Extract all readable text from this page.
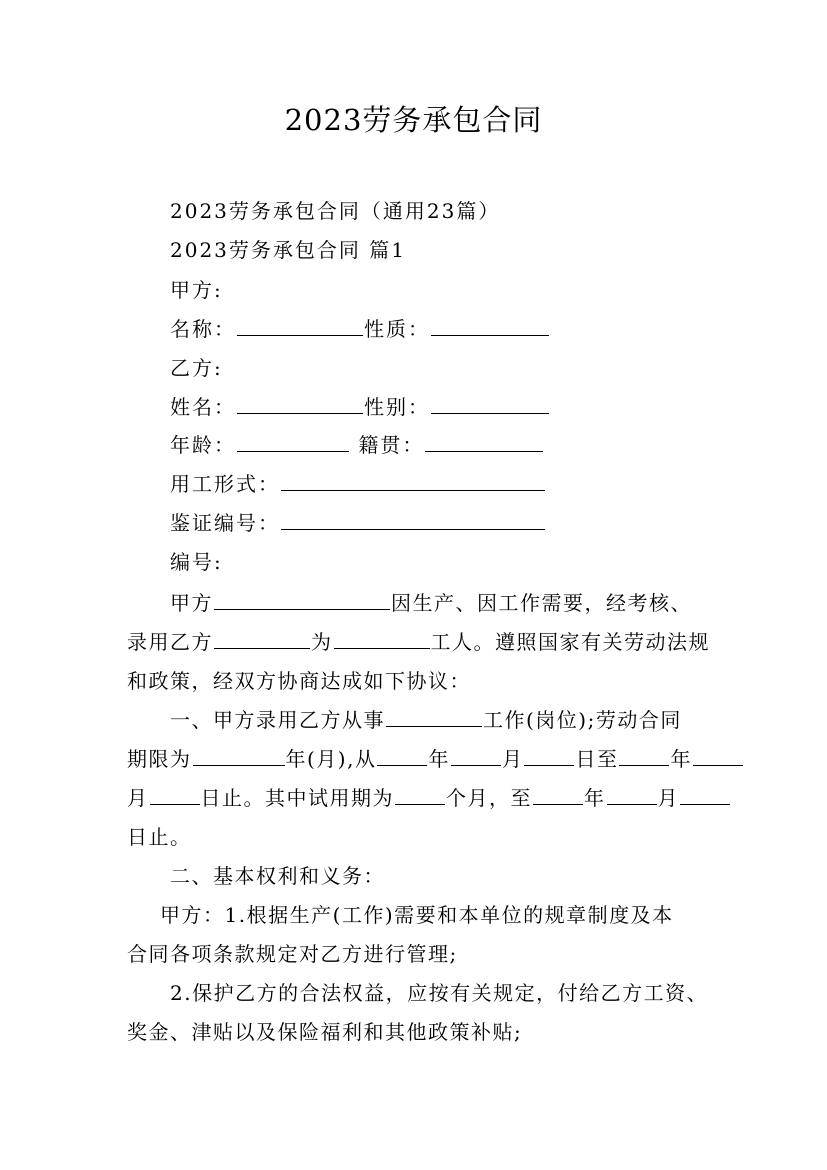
2023劳务承包合同
2023劳务承包合同（通用23篇）
2023劳务承包合同 篇1
甲方:
名称：	性质：
乙方:
姓名：	性别：
年龄：	籍贯：
用工形式：
鉴证编号：
编号:
甲方	因生产、因工作需要，经考核、
录用乙方	为	工人。遵照国家有关劳动法规
和政策，经双方协商达成如下协议：
一、甲方录用乙方从事	工作(岗位);劳动合同
期限为	年(月),从	年	月	日至	年
月	日止。其中试用期为	个月，至	年	月
日止。
二、基本权利和义务：
甲方：1.根据生产(工作)需要和本单位的规章制度及本
合同各项条款规定对乙方进行管理;
2.保护乙方的合法权益，应按有关规定，付给乙方工资、
奖金、津贴以及保险福利和其他政策补贴;
